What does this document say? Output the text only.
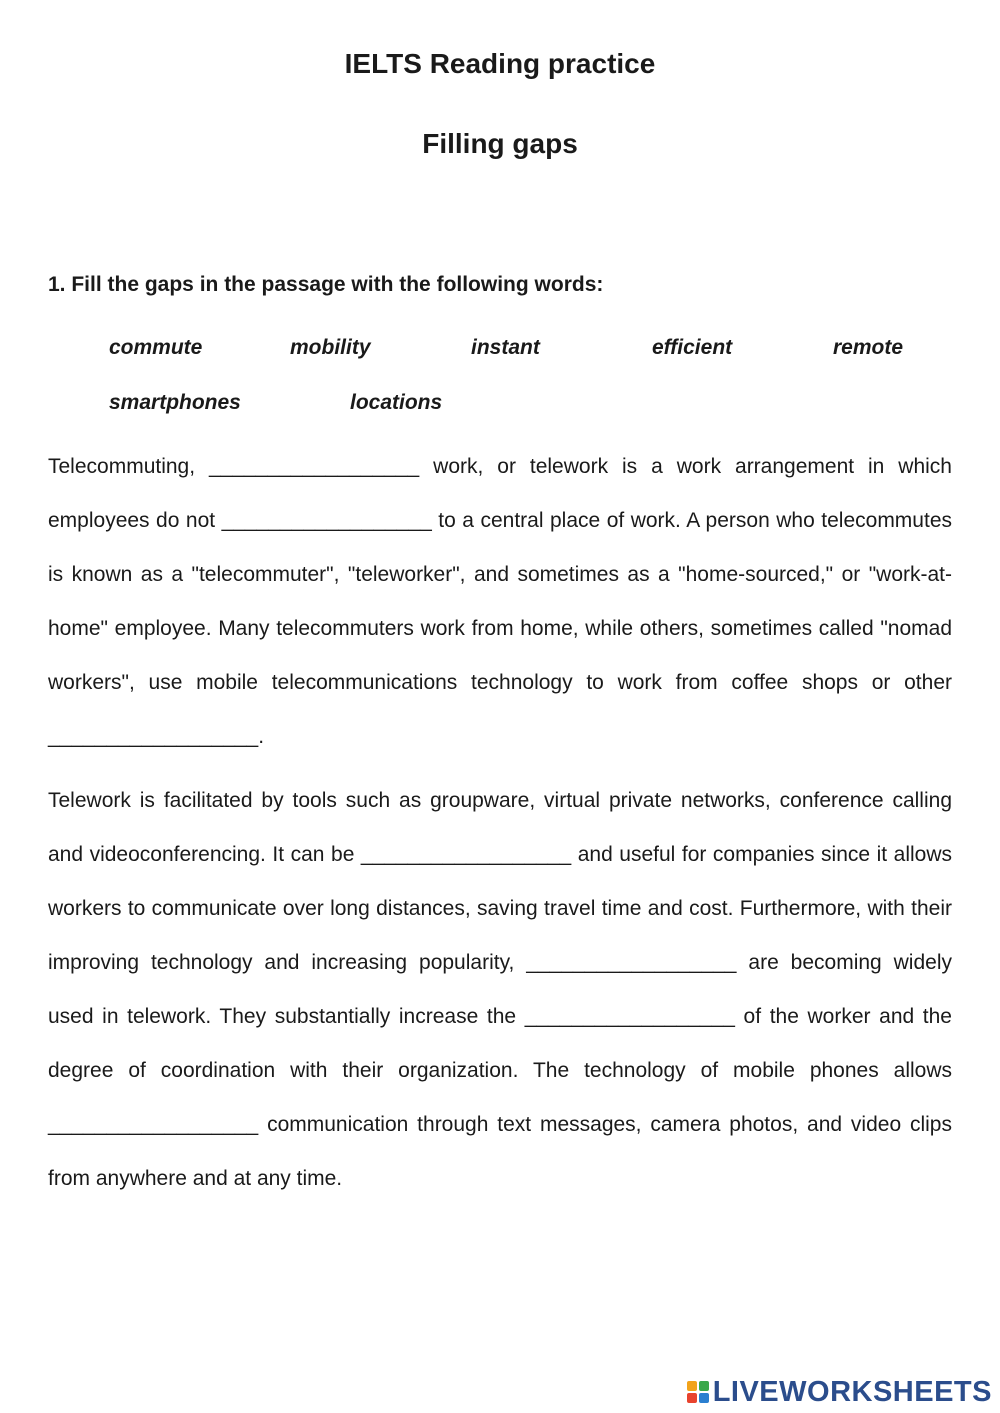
IELTS Reading practice
Filling gaps

1. Fill the gaps in the passage with the following words:

commute	mobility	instant	efficient	remote
smartphones	locations

Telecommuting, __________________ work, or telework is a work arrangement in which employees do not __________________ to a central place of work. A person who telecommutes is known as a "telecommuter", "teleworker", and sometimes as a "home-sourced," or "work-at-home" employee. Many telecommuters work from home, while others, sometimes called "nomad workers", use mobile telecommunications technology to work from coffee shops or other __________________.

Telework is facilitated by tools such as groupware, virtual private networks, conference calling and videoconferencing. It can be __________________ and useful for companies since it allows workers to communicate over long distances, saving travel time and cost. Furthermore, with their improving technology and increasing popularity, __________________ are becoming widely used in telework. They substantially increase the __________________ of the worker and the degree of coordination with their organization. The technology of mobile phones allows __________________ communication through text messages, camera photos, and video clips from anywhere and at any time.

LIVEWORKSHEETS
